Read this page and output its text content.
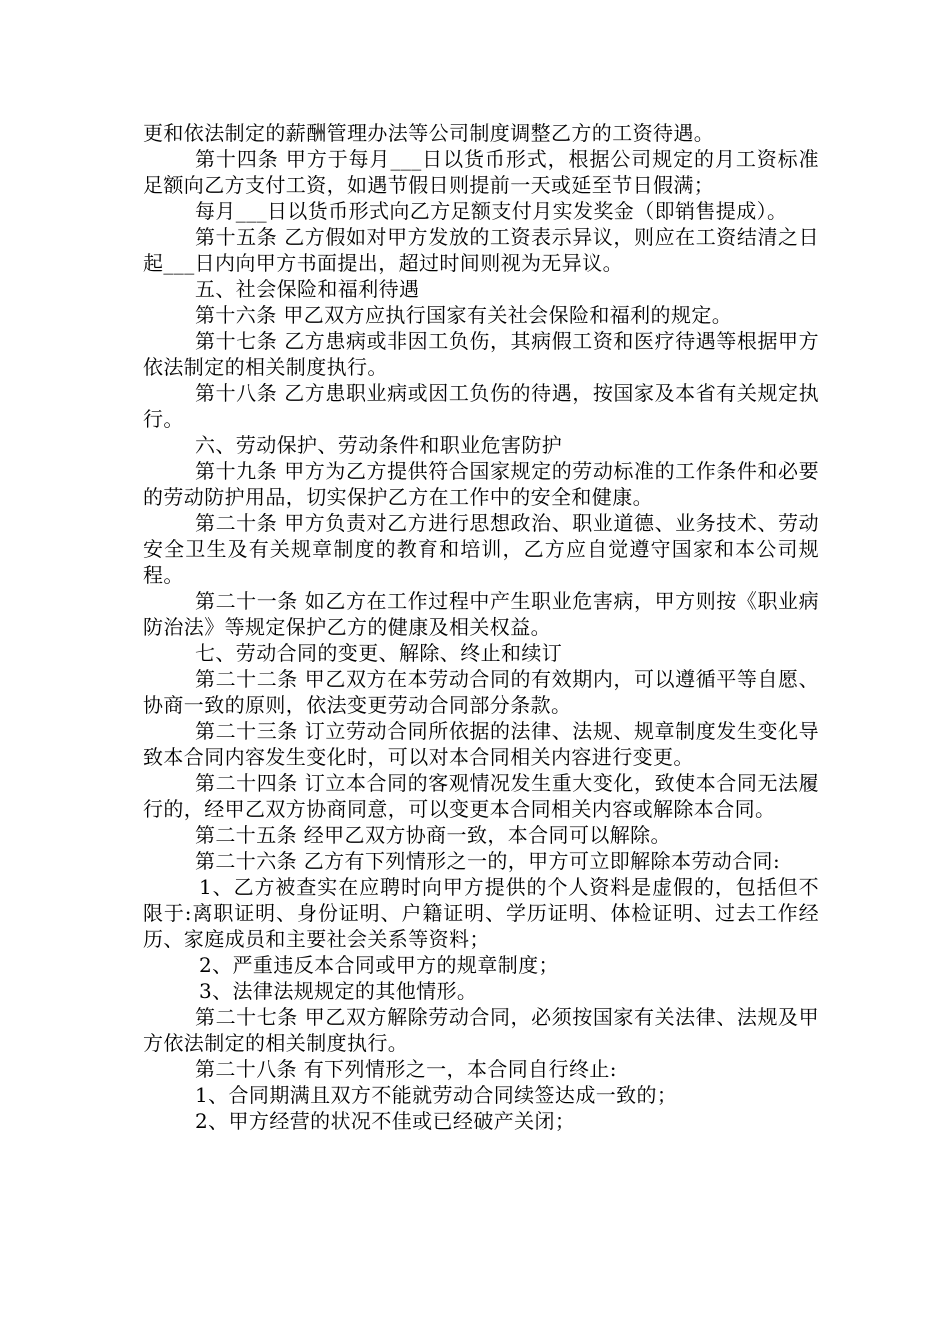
更和依法制定的薪酬管理办法等公司制度调整乙方的工资待遇。

第十四条 甲方于每月___日以货币形式，根据公司规定的月工资标准足额向乙方支付工资，如遇节假日则提前一天或延至节日假满；

每月___日以货币形式向乙方足额支付月实发奖金（即销售提成）。

第十五条 乙方假如对甲方发放的工资表示异议，则应在工资结清之日起___日内向甲方书面提出，超过时间则视为无异议。

五、社会保险和福利待遇

第十六条 甲乙双方应执行国家有关社会保险和福利的规定。

第十七条 乙方患病或非因工负伤，其病假工资和医疗待遇等根据甲方依法制定的相关制度执行。

第十八条 乙方患职业病或因工负伤的待遇，按国家及本省有关规定执行。

六、劳动保护、劳动条件和职业危害防护

第十九条 甲方为乙方提供符合国家规定的劳动标准的工作条件和必要的劳动防护用品，切实保护乙方在工作中的安全和健康。

第二十条 甲方负责对乙方进行思想政治、职业道德、业务技术、劳动安全卫生及有关规章制度的教育和培训，乙方应自觉遵守国家和本公司规程。

第二十一条 如乙方在工作过程中产生职业危害病，甲方则按《职业病防治法》等规定保护乙方的健康及相关权益。

七、劳动合同的变更、解除、终止和续订

第二十二条 甲乙双方在本劳动合同的有效期内，可以遵循平等自愿、协商一致的原则，依法变更劳动合同部分条款。

第二十三条 订立劳动合同所依据的法律、法规、规章制度发生变化导致本合同内容发生变化时，可以对本合同相关内容进行变更。

第二十四条 订立本合同的客观情况发生重大变化，致使本合同无法履行的，经甲乙双方协商同意，可以变更本合同相关内容或解除本合同。

第二十五条 经甲乙双方协商一致，本合同可以解除。

第二十六条 乙方有下列情形之一的，甲方可立即解除本劳动合同:

1、乙方被查实在应聘时向甲方提供的个人资料是虚假的，包括但不限于:离职证明、身份证明、户籍证明、学历证明、体检证明、过去工作经历、家庭成员和主要社会关系等资料；

2、严重违反本合同或甲方的规章制度；

3、法律法规规定的其他情形。

第二十七条 甲乙双方解除劳动合同，必须按国家有关法律、法规及甲方依法制定的相关制度执行。

第二十八条 有下列情形之一，本合同自行终止:

1、合同期满且双方不能就劳动合同续签达成一致的；

2、甲方经营的状况不佳或已经破产关闭；
